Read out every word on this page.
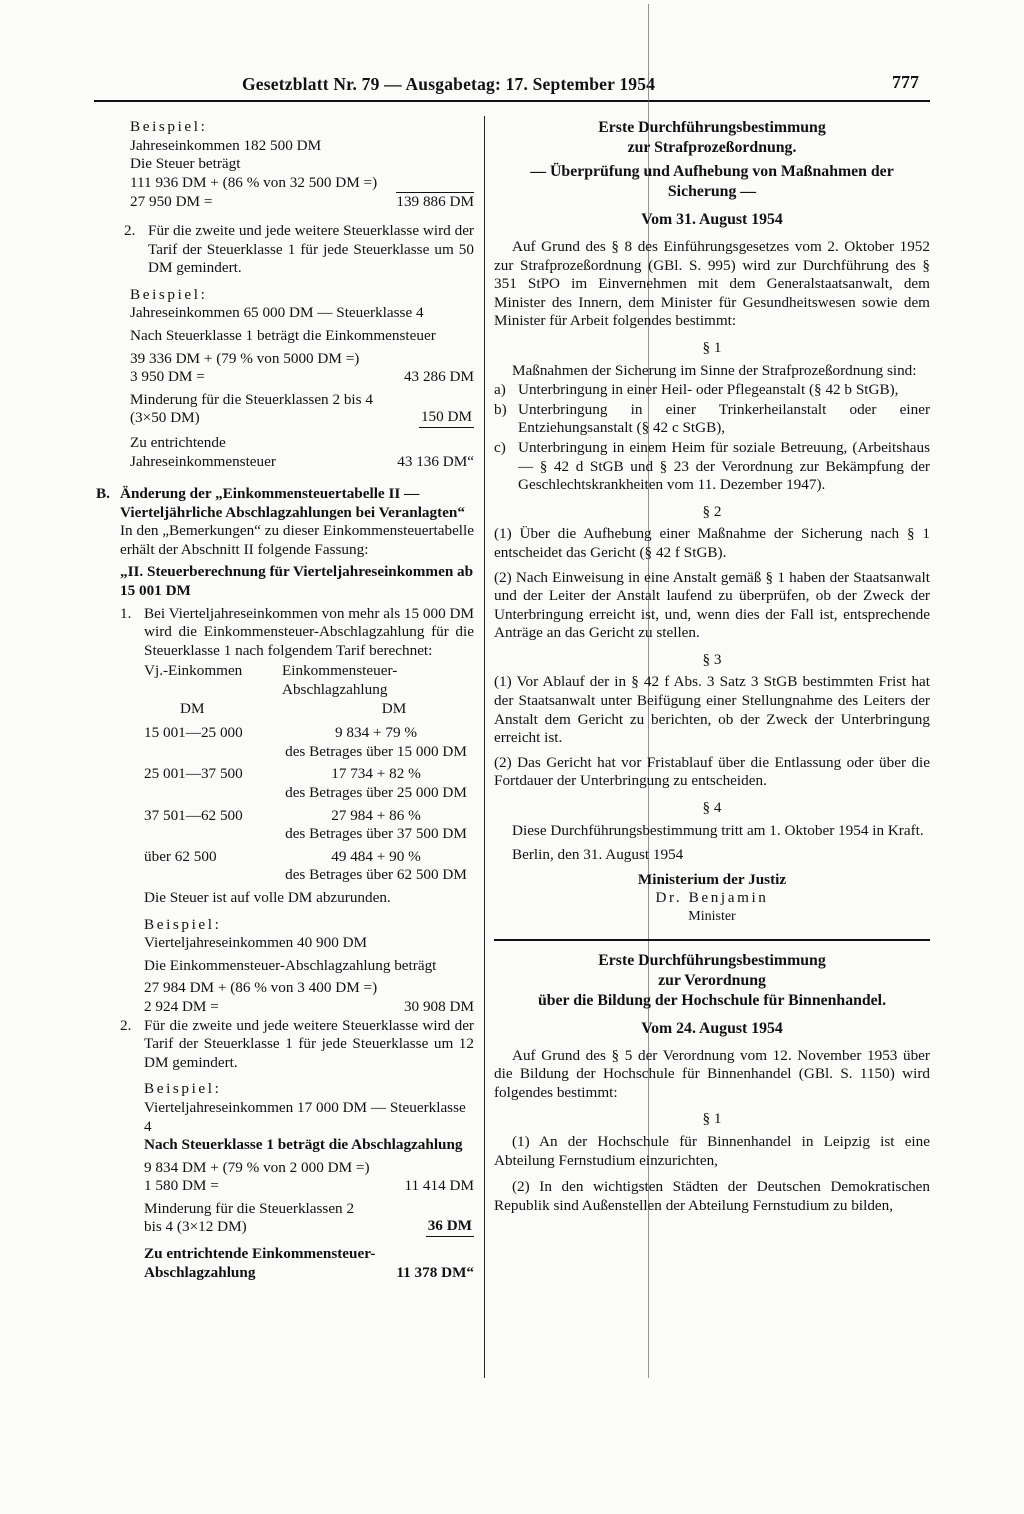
Gesetzblatt Nr. 79 — Ausgabetag: 17. September 1954	777

Beispiel:

Jahreseinkommen 182 500 DM

Die Steuer beträgt

111 936 DM + (86 % von 32 500 DM =)

27 950 DM =	139 886 DM
2. Für die zweite und jede weitere Steuerklasse wird der Tarif der Steuerklasse 1 für jede Steuerklasse um 50 DM gemindert.

Beispiel:

Jahreseinkommen 65 000 DM — Steuerklasse 4

Nach Steuerklasse 1 beträgt die Einkommensteuer

39 336 DM + (79 % von 5000 DM =)

3 950 DM =	43 286 DM
Minderung für die Steuerklassen 2 bis 4 (3×50 DM)	150 DM
Zu entrichtende Jahreseinkommensteuer	43 136 DM“
B. Änderung der „Einkommensteuertabelle II — Vierteljährliche Abschlagzahlungen bei Veranlagten“

In den „Bemerkungen“ zu dieser Einkommensteuertabelle erhält der Abschnitt II folgende Fassung:

„II. Steuerberechnung für Vierteljahreseinkommen ab 15 001 DM

1. Bei Vierteljahreseinkommen von mehr als 15 000 DM wird die Einkommensteuer-Abschlagzahlung für die Steuerklasse 1 nach folgendem Tarif berechnet:
Vj.-Einkommen	Einkommensteuer-Abschlagzahlung
DM	DM
15 001—25 000	9 834 + 79 %
des Betrages über 15 000 DM
25 001—37 500	17 734 + 82 %
des Betrages über 25 000 DM
37 501—62 500	27 984 + 86 %
des Betrages über 37 500 DM
über 62 500	49 484 + 90 %
des Betrages über 62 500 DM

Die Steuer ist auf volle DM abzurunden.

Beispiel:

Vierteljahreseinkommen 40 900 DM

Die Einkommensteuer-Abschlagzahlung beträgt

27 984 DM + (86 % von 3 400 DM =)

2 924 DM =	30 908 DM
2. Für die zweite und jede weitere Steuerklasse wird der Tarif der Steuerklasse 1 für jede Steuerklasse um 12 DM gemindert.

Beispiel:

Vierteljahreseinkommen 17 000 DM — Steuerklasse 4

Nach Steuerklasse 1 beträgt die Abschlagzahlung

9 834 DM + (79 % von 2 000 DM =)

1 580 DM =	11 414 DM
Minderung für die Steuerklassen 2 bis 4 (3×12 DM)	36 DM
Zu entrichtende Einkommensteuer-Abschlagzahlung	11 378 DM“

Erste Durchführungsbestimmung

zur Strafprozeßordnung.

— Überprüfung und Aufhebung von Maßnahmen der Sicherung —

Vom 31. August 1954

Auf Grund des § 8 des Einführungsgesetzes vom 2. Oktober 1952 zur Strafprozeßordnung (GBl. S. 995) wird zur Durchführung des § 351 StPO im Einvernehmen mit dem Generalstaatsanwalt, dem Minister des Innern, dem Minister für Gesundheitswesen sowie dem Minister für Arbeit folgendes bestimmt:

§ 1

Maßnahmen der Sicherung im Sinne der Strafprozeßordnung sind:

a) Unterbringung in einer Heil- oder Pflegeanstalt (§ 42 b StGB),
b) Unterbringung in einer Trinkerheilanstalt oder einer Entziehungsanstalt (§ 42 c StGB),
c) Unterbringung in einem Heim für soziale Betreuung, (Arbeitshaus — § 42 d StGB und § 23 der Verordnung zur Bekämpfung der Geschlechtskrankheiten vom 11. Dezember 1947).

§ 2

(1) Über die Aufhebung einer Maßnahme der Sicherung nach § 1 entscheidet das Gericht (§ 42 f StGB).

(2) Nach Einweisung in eine Anstalt gemäß § 1 haben der Staatsanwalt und der Leiter der Anstalt laufend zu überprüfen, ob der Zweck der Unterbringung erreicht ist, und, wenn dies der Fall ist, entsprechende Anträge an das Gericht zu stellen.

§ 3

(1) Vor Ablauf der in § 42 f Abs. 3 Satz 3 StGB bestimmten Frist hat der Staatsanwalt unter Beifügung einer Stellungnahme des Leiters der Anstalt dem Gericht zu berichten, ob der Zweck der Unterbringung erreicht ist.

(2) Das Gericht hat vor Fristablauf über die Entlassung oder über die Fortdauer der Unterbringung zu entscheiden.

§ 4

Diese Durchführungsbestimmung tritt am 1. Oktober 1954 in Kraft.

Berlin, den 31. August 1954

Ministerium der Justiz

Dr. Benjamin

Minister

Erste Durchführungsbestimmung

zur Verordnung

über die Bildung der Hochschule für Binnenhandel.

Vom 24. August 1954

Auf Grund des § 5 der Verordnung vom 12. November 1953 über die Bildung der Hochschule für Binnenhandel (GBl. S. 1150) wird folgendes bestimmt:

§ 1

(1) An der Hochschule für Binnenhandel in Leipzig ist eine Abteilung Fernstudium einzurichten,

(2) In den wichtigsten Städten der Deutschen Demokratischen Republik sind Außenstellen der Abteilung Fernstudium zu bilden,
